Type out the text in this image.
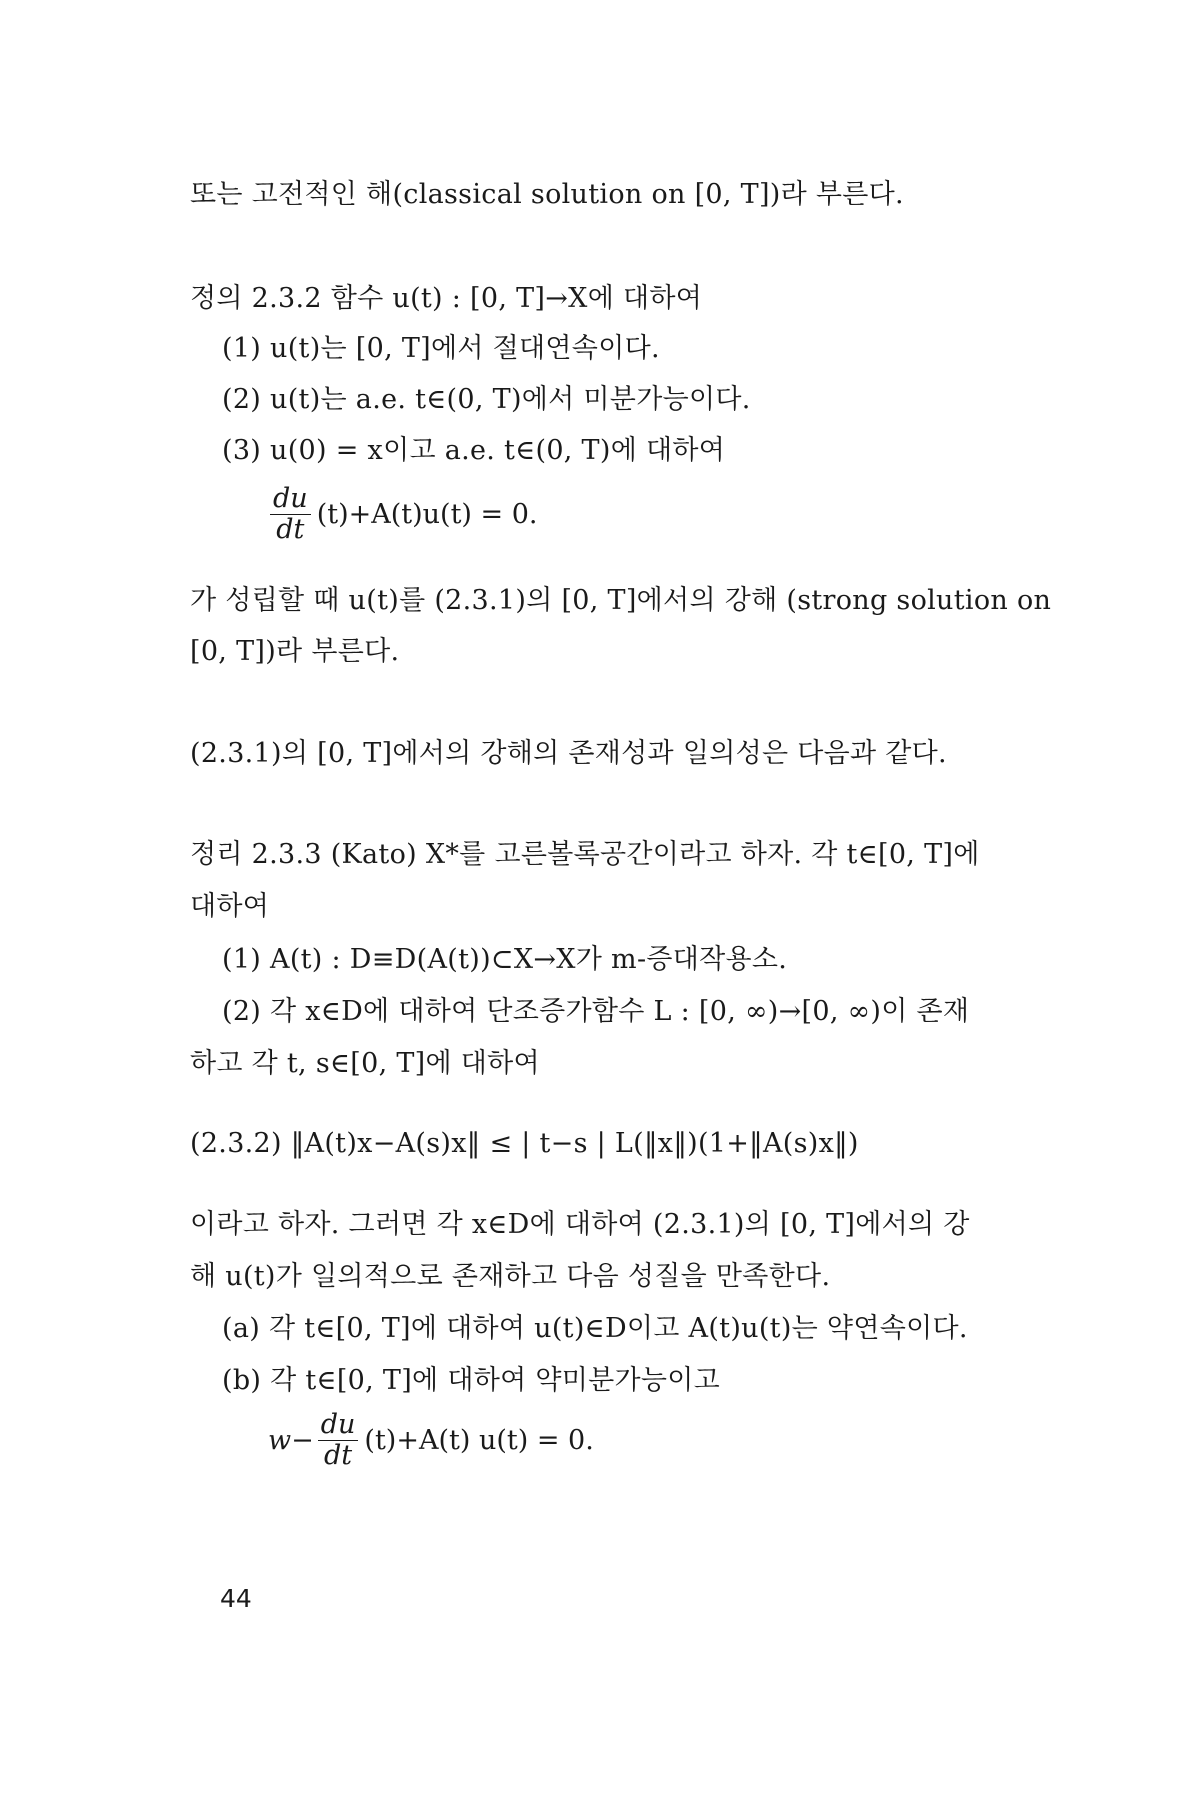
또는 고전적인 해(classical solution on [0, T])라 부른다.
정의 2.3.2 함수 u(t) : [0, T]→X에 대하여
(1) u(t)는 [0, T]에서 절대연속이다.
(2) u(t)는 a.e. t∈(0, T)에서 미분가능이다.
(3) u(0) = x이고 a.e. t∈(0, T)에 대하여
$\frac{du}{dt} (t)+A(t)u(t) = 0$.
가 성립할 때 u(t)를 (2.3.1)의 [0, T]에서의 강해 (strong solution on
[0, T])라 부른다.
(2.3.1)의 [0, T]에서의 강해의 존재성과 일의성은 다음과 같다.
정리 2.3.3 (Kato) X*를 고른볼록공간이라고 하자. 각 t∈[0, T]에
대하여
(1) A(t) : D≡D(A(t))⊂X→X가 m-증대작용소.
(2) 각 x∈D에 대하여 단조증가함수 L : [0, ∞)→[0, ∞)이 존재
하고 각 t, s∈[0, T]에 대하여
(2.3.2) ‖A(t)x−A(s)x‖ ≤ | t−s | L(‖x‖)(1+‖A(s)x‖)
이라고 하자. 그러면 각 x∈D에 대하여 (2.3.1)의 [0, T]에서의 강
해 u(t)가 일의적으로 존재하고 다음 성질을 만족한다.
(a) 각 t∈[0, T]에 대하여 u(t)∈D이고 A(t)u(t)는 약연속이다.
(b) 각 t∈[0, T]에 대하여 약미분가능이고
$w- \frac{du}{dt} (t)+A(t) u(t) = 0$.
44
